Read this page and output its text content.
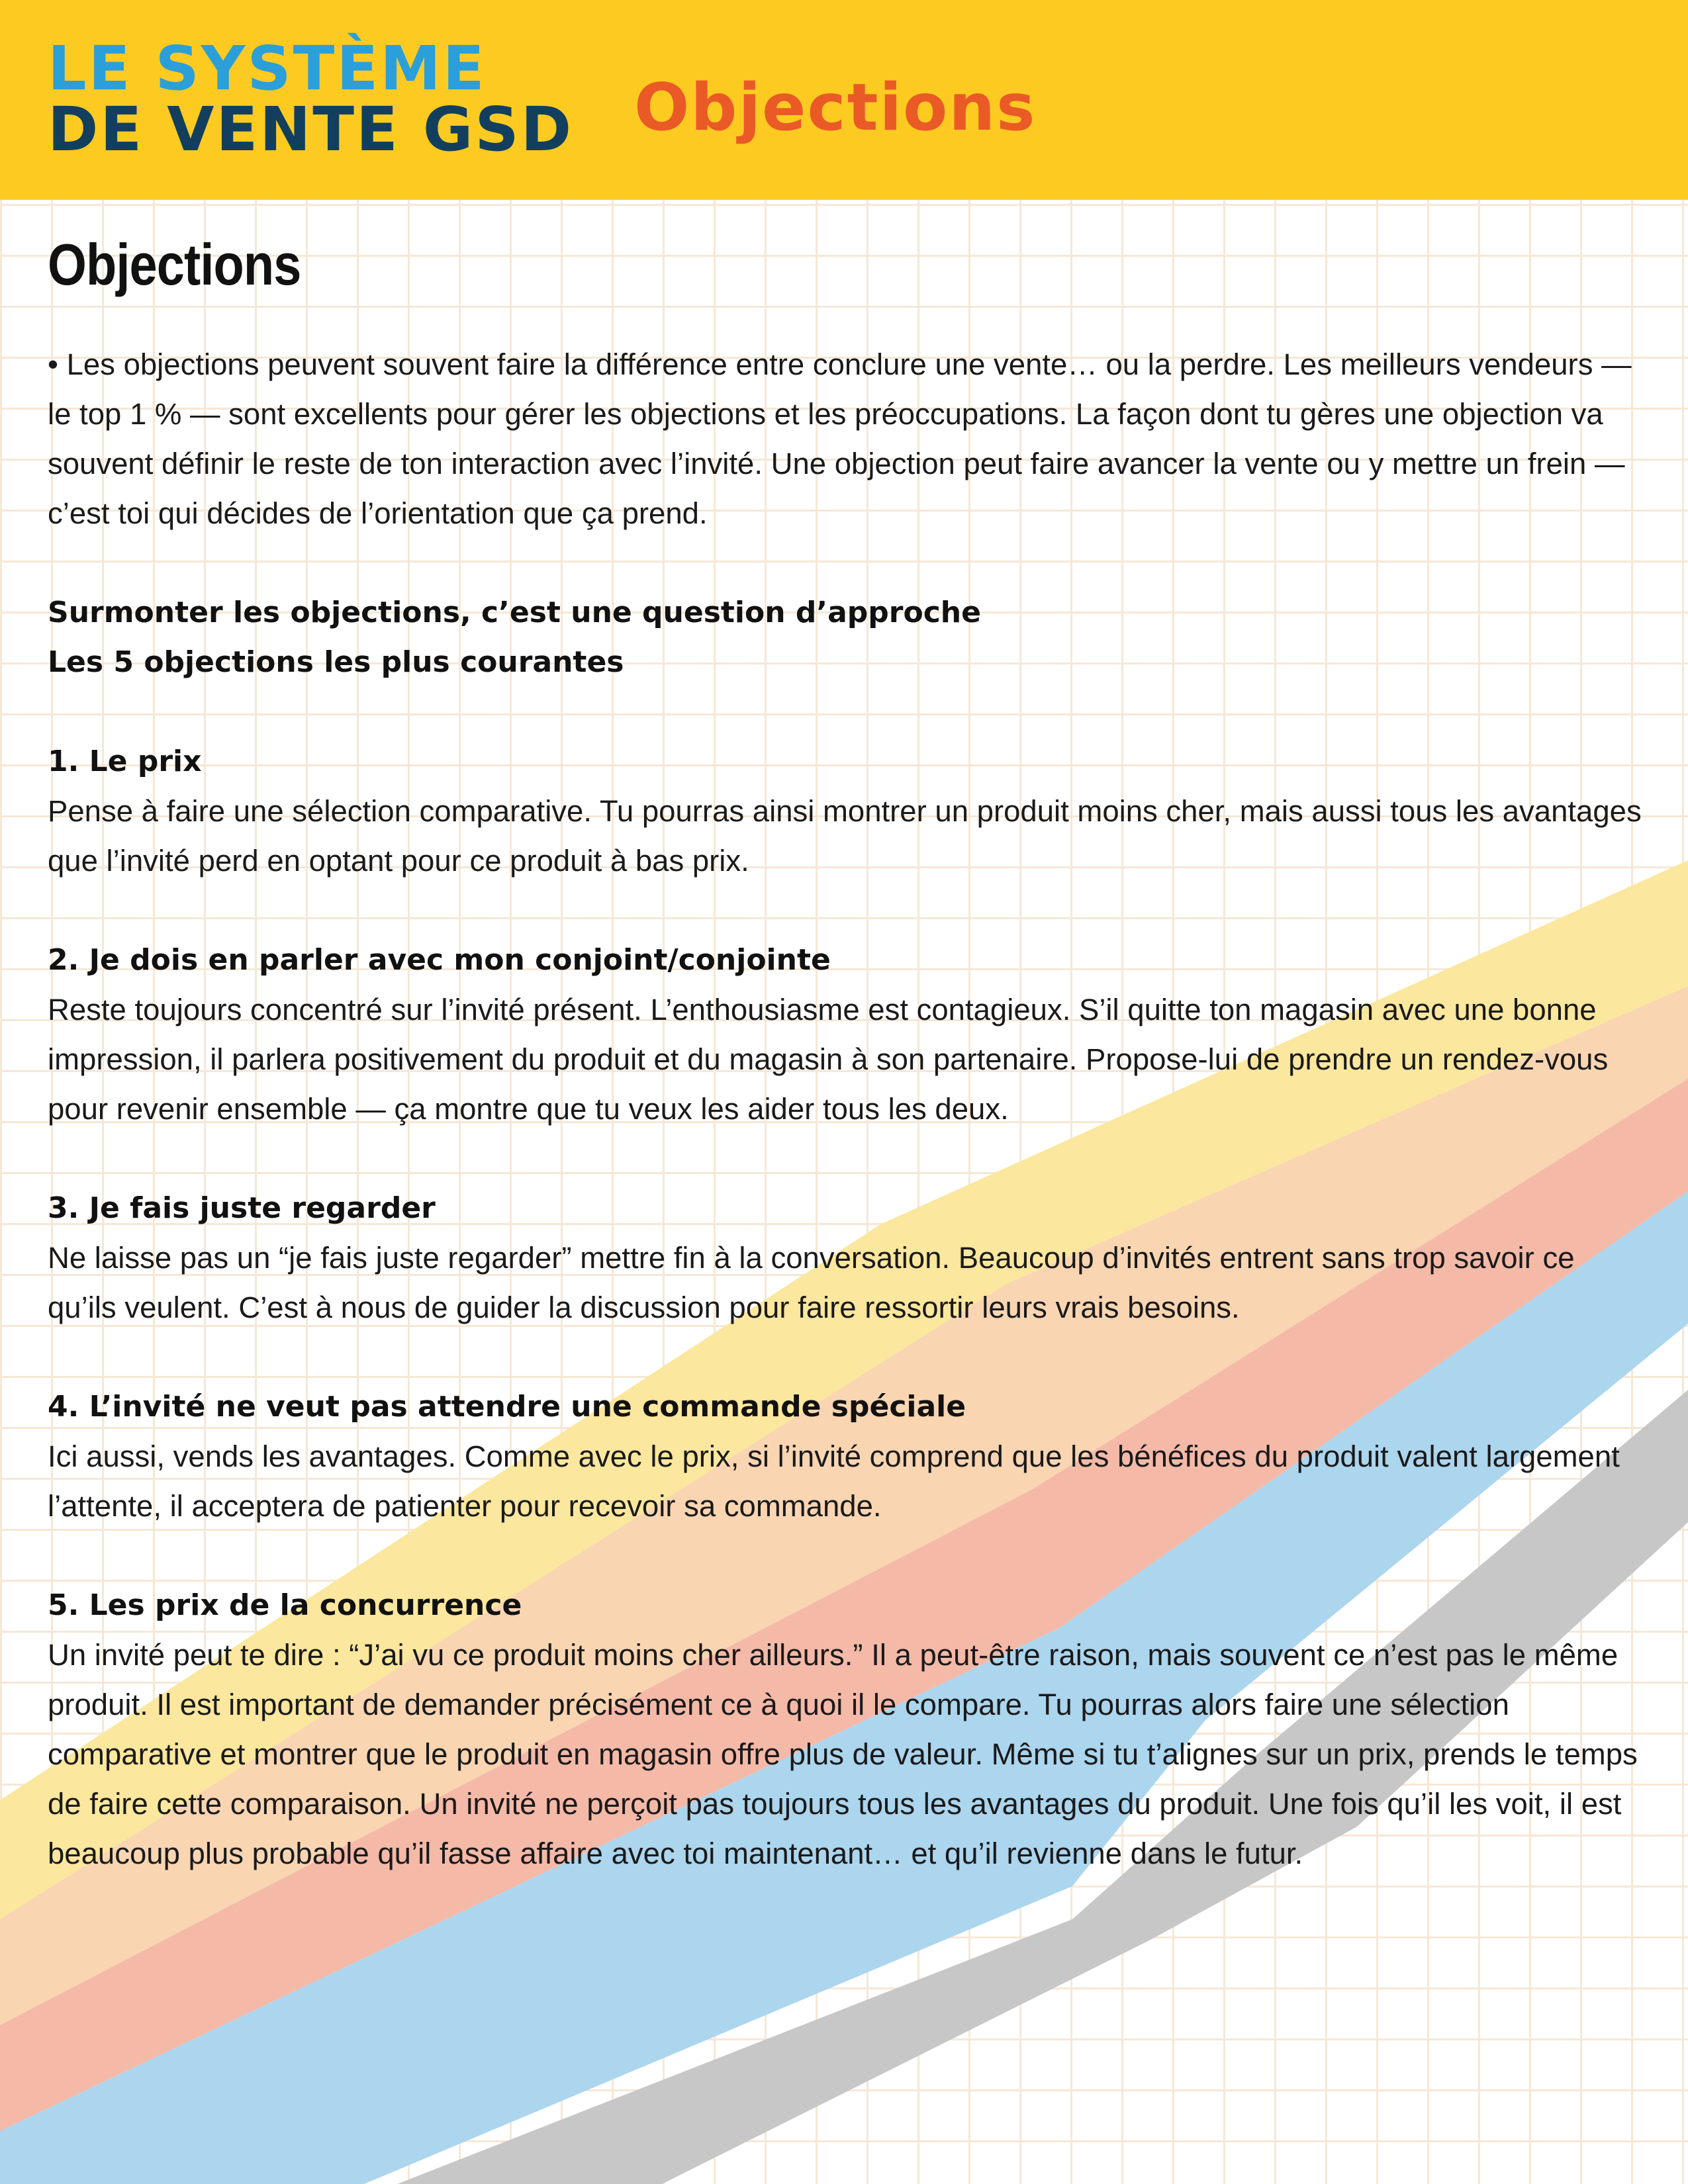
LE SYSTÈME
DE VENTE GSD Objections
Objections

• Les objections peuvent souvent faire la différence entre conclure une vente… ou la perdre. Les meilleurs vendeurs — le top 1 % — sont excellents pour gérer les objections et les préoccupations. La façon dont tu gères une objection va souvent définir le reste de ton interaction avec l’invité. Une objection peut faire avancer la vente ou y mettre un frein — c’est toi qui décides de l’orientation que ça prend.

Surmonter les objections, c’est une question d’approche
Les 5 objections les plus courantes
1. Le prix

Pense à faire une sélection comparative. Tu pourras ainsi montrer un produit moins cher, mais aussi tous les avantages que l’invité perd en optant pour ce produit à bas prix.

2. Je dois en parler avec mon conjoint/conjointe

Reste toujours concentré sur l’invité présent. L’enthousiasme est contagieux. S’il quitte ton magasin avec une bonne impression, il parlera positivement du produit et du magasin à son partenaire. Propose-lui de prendre un rendez-vous pour revenir ensemble — ça montre que tu veux les aider tous les deux.

3. Je fais juste regarder

Ne laisse pas un “je fais juste regarder” mettre fin à la conversation. Beaucoup d’invités entrent sans trop savoir ce qu’ils veulent. C’est à nous de guider la discussion pour faire ressortir leurs vrais besoins.

4. L’invité ne veut pas attendre une commande spéciale

Ici aussi, vends les avantages. Comme avec le prix, si l’invité comprend que les bénéfices du produit valent largement l’attente, il acceptera de patienter pour recevoir sa commande.

5. Les prix de la concurrence

Un invité peut te dire : “J’ai vu ce produit moins cher ailleurs.” Il a peut-être raison, mais souvent ce n’est pas le même produit. Il est important de demander précisément ce à quoi il le compare. Tu pourras alors faire une sélection comparative et montrer que le produit en magasin offre plus de valeur. Même si tu t’alignes sur un prix, prends le temps de faire cette comparaison. Un invité ne perçoit pas toujours tous les avantages du produit. Une fois qu’il les voit, il est beaucoup plus probable qu’il fasse affaire avec toi maintenant… et qu’il revienne dans le futur.
